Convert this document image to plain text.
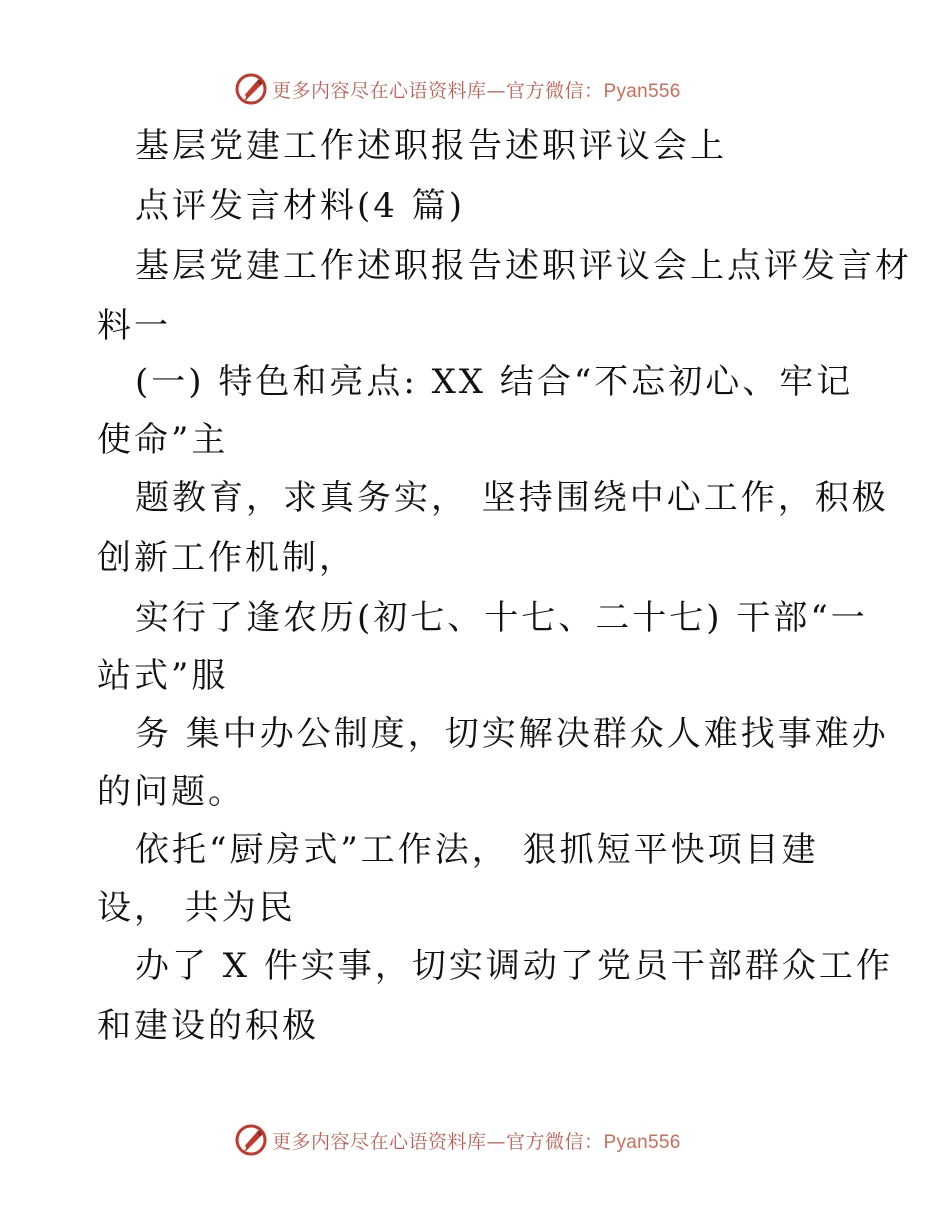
更多内容尽在心语资料库—官方微信：Pyan556
基层党建工作述职报告述职评议会上
点评发言材料(4 篇)
基层党建工作述职报告述职评议会上点评发言材
料一
(一) 特色和亮点: XX 结合“不忘初心、牢记
使命”主
题教育，求真务实， 坚持围绕中心工作，积极
创新工作机制，
实行了逢农历(初七、十七、二十七) 干部“一
站式”服
务 集中办公制度，切实解决群众人难找事难办
的问题。
依托“厨房式”工作法， 狠抓短平快项目建
设， 共为民
办了 X 件实事，切实调动了党员干部群众工作
和建设的积极
更多内容尽在心语资料库—官方微信：Pyan556
